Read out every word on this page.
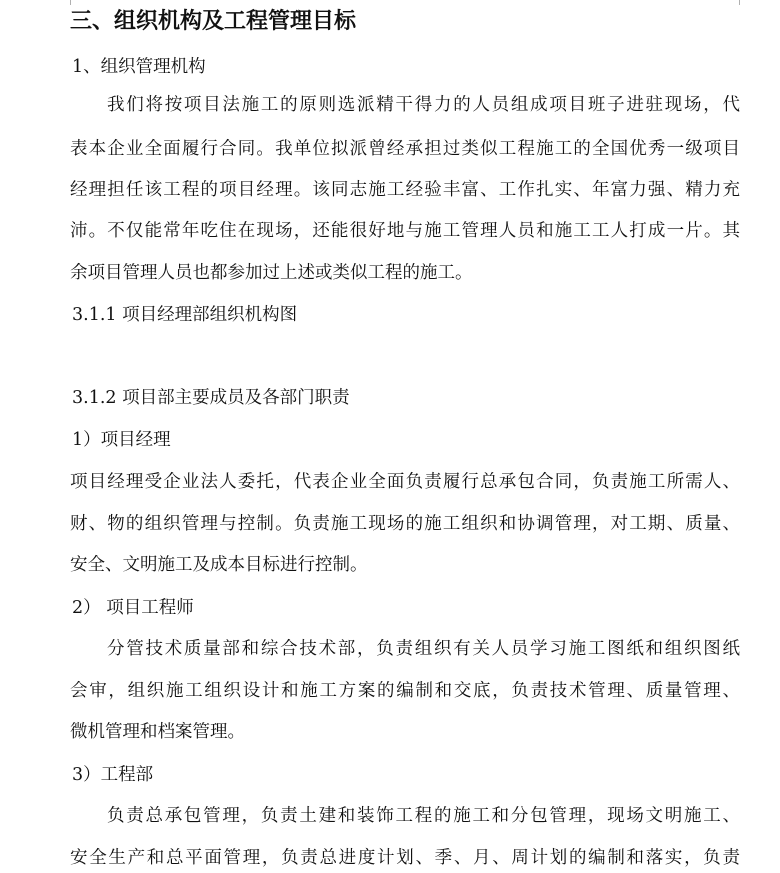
三、组织机构及工程管理目标
1、组织管理机构
我们将按项目法施工的原则选派精干得力的人员组成项目班子进驻现场，代
表本企业全面履行合同。我单位拟派曾经承担过类似工程施工的全国优秀一级项目
经理担任该工程的项目经理。该同志施工经验丰富、工作扎实、年富力强、精力充
沛。不仅能常年吃住在现场，还能很好地与施工管理人员和施工工人打成一片。其
余项目管理人员也都参加过上述或类似工程的施工。
3.1.1 项目经理部组织机构图
3.1.2 项目部主要成员及各部门职责
1）项目经理
项目经理受企业法人委托，代表企业全面负责履行总承包合同，负责施工所需人、
财、物的组织管理与控制。负责施工现场的施工组织和协调管理，对工期、质量、
安全、文明施工及成本目标进行控制。
2） 项目工程师
分管技术质量部和综合技术部，负责组织有关人员学习施工图纸和组织图纸
会审，组织施工组织设计和施工方案的编制和交底，负责技术管理、质量管理、
微机管理和档案管理。
3）工程部
负责总承包管理，负责土建和装饰工程的施工和分包管理，现场文明施工、
安全生产和总平面管理，负责总进度计划、季、月、周计划的编制和落实，负责
